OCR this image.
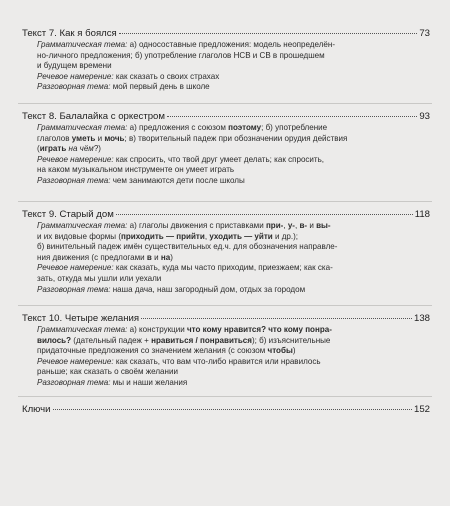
Текст 7. Как я боялся	73
Грамматическая тема: а) односоставные предложения: модель неопределён-
но-личного предложения; б) употребление глаголов НСВ и СВ в прошедшем
и будущем времени
Речевое намерение: как сказать о своих страхах
Разговорная тема: мой первый день в школе
Текст 8. Балалайка с оркестром	93
Грамматическая тема: а) предложения с союзом поэтому; б) употребление
глаголов уметь и мочь; в) творительный падеж при обозначении орудия действия
(играть на чём?)
Речевое намерение: как спросить, что твой друг умеет делать; как спросить,
на каком музыкальном инструменте он умеет играть
Разговорная тема: чем занимаются дети после школы
Текст 9. Старый дом	118
Грамматическая тема: а) глаголы движения с приставками при-, у-, в- и вы-
и их видовые формы (приходить — прийти, уходить — уйти и др.);
б) винительный падеж имён существительных ед.ч. для обозначения направле-
ния движения (с предлогами в и на)
Речевое намерение: как сказать, куда мы часто приходим, приезжаем; как ска-
зать, откуда мы ушли или уехали
Разговорная тема: наша дача, наш загородный дом, отдых за городом
Текст 10. Четыре желания	138
Грамматическая тема: а) конструкции что кому нравится? что кому понра-
вилось? (дательный падеж + нравиться / понравиться); б) изъяснительные
придаточные предложения со значением желания (с союзом чтобы)
Речевое намерение: как сказать, что вам что-либо нравится или нравилось
раньше; как сказать о своём желании
Разговорная тема: мы и наши желания
Ключи	152
